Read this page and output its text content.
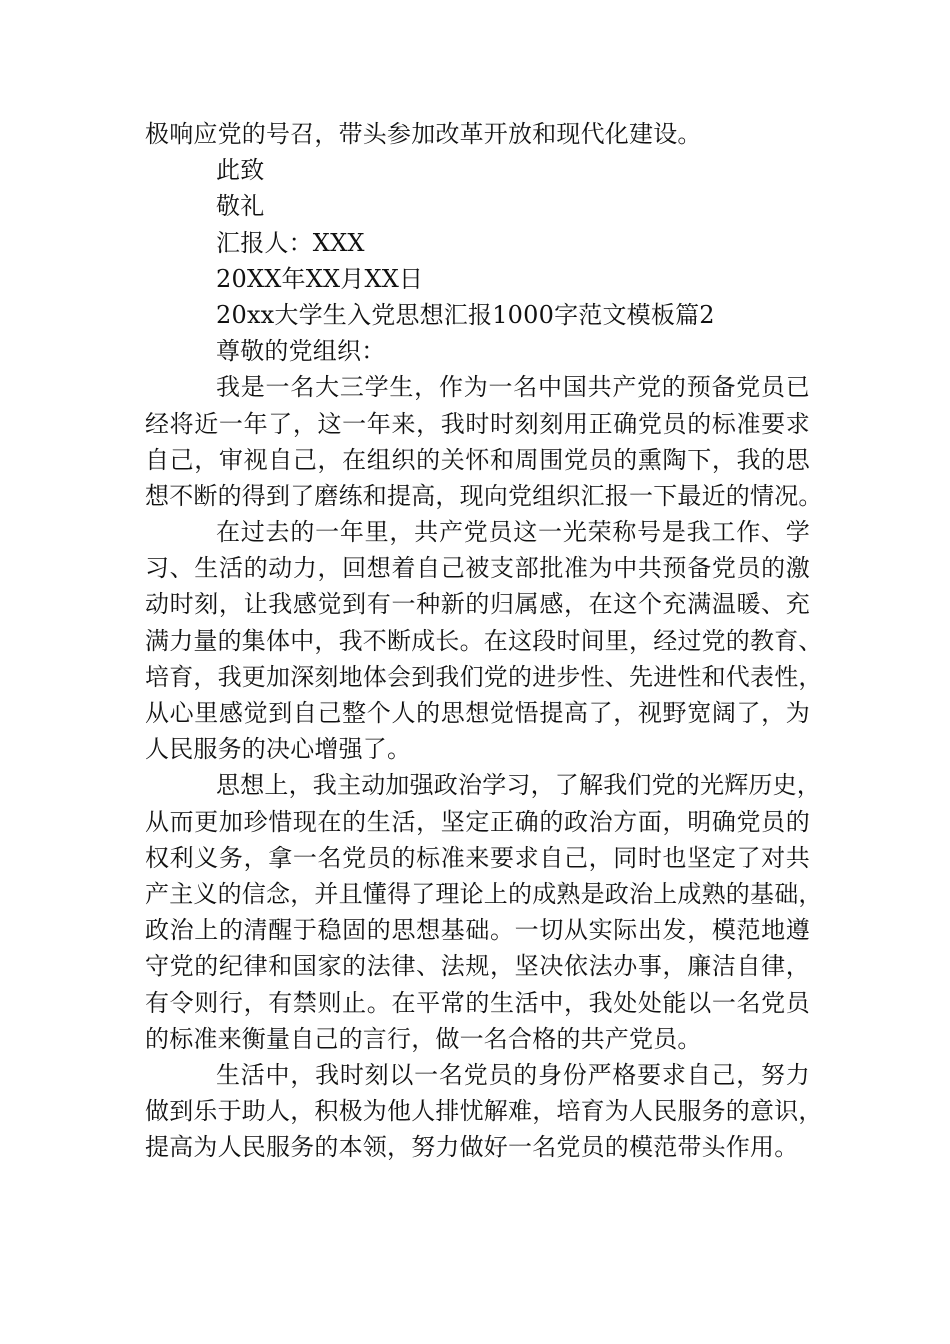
极响应党的号召，带头参加改革开放和现代化建设。
此致
敬礼
汇报人：XXX
20XX年XX月XX日
20xx大学生入党思想汇报1000字范文模板篇2
尊敬的党组织：
我是一名大三学生，作为一名中国共产党的预备党员已
经将近一年了，这一年来，我时时刻刻用正确党员的标准要求
自己，审视自己，在组织的关怀和周围党员的熏陶下，我的思
想不断的得到了磨练和提高，现向党组织汇报一下最近的情况。
在过去的一年里，共产党员这一光荣称号是我工作、学
习、生活的动力，回想着自己被支部批准为中共预备党员的激
动时刻，让我感觉到有一种新的归属感，在这个充满温暖、充
满力量的集体中，我不断成长。在这段时间里，经过党的教育、
培育，我更加深刻地体会到我们党的进步性、先进性和代表性，
从心里感觉到自己整个人的思想觉悟提高了，视野宽阔了，为
人民服务的决心增强了。
思想上，我主动加强政治学习，了解我们党的光辉历史，
从而更加珍惜现在的生活，坚定正确的政治方面，明确党员的
权利义务，拿一名党员的标准来要求自己，同时也坚定了对共
产主义的信念，并且懂得了理论上的成熟是政治上成熟的基础，
政治上的清醒于稳固的思想基础。一切从实际出发，模范地遵
守党的纪律和国家的法律、法规，坚决依法办事，廉洁自律，
有令则行，有禁则止。在平常的生活中，我处处能以一名党员
的标准来衡量自己的言行，做一名合格的共产党员。
生活中，我时刻以一名党员的身份严格要求自己，努力
做到乐于助人，积极为他人排忧解难，培育为人民服务的意识，
提高为人民服务的本领，努力做好一名党员的模范带头作用。
